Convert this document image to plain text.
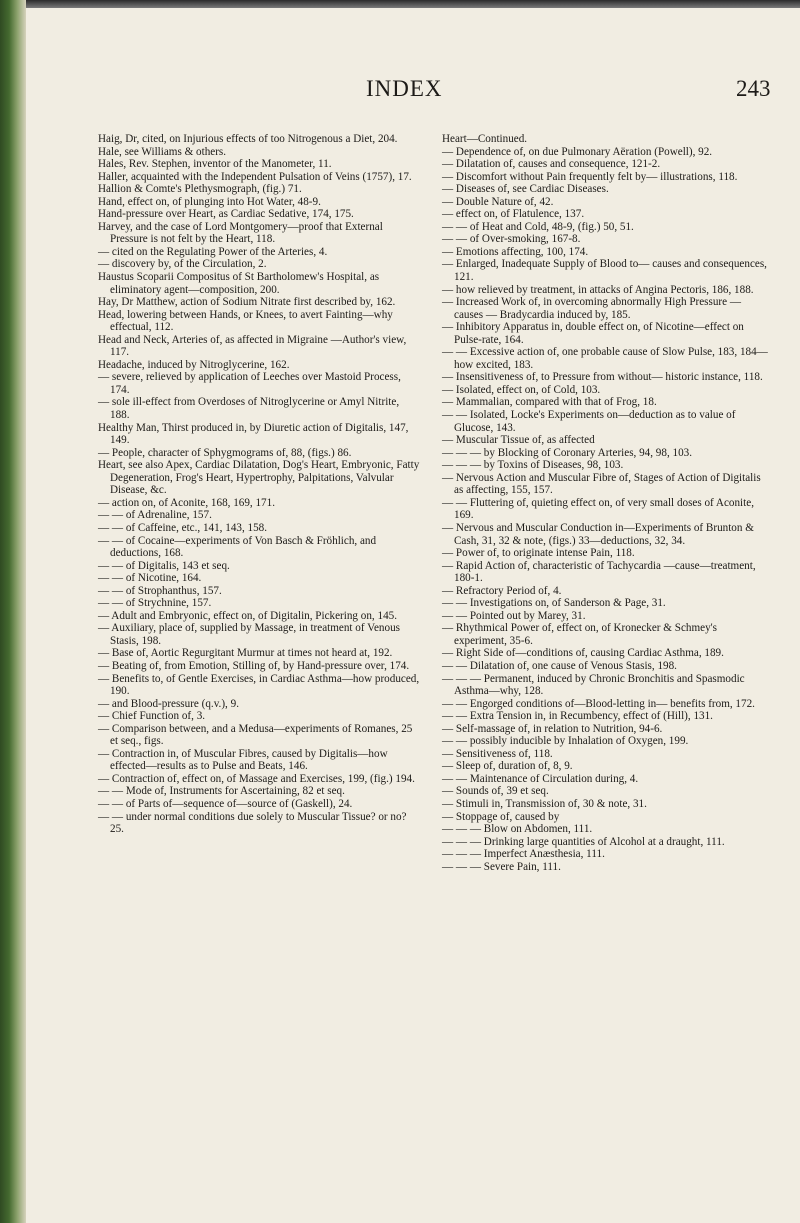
INDEX	243
Haig, Dr, cited, on Injurious effects of too Nitrogenous a Diet, 204.
Hale, see Williams & others.
Hales, Rev. Stephen, inventor of the Manometer, 11.
Haller, acquainted with the Independent Pulsation of Veins (1757), 17.
Hallion & Comte's Plethysmograph, (fig.) 71.
Hand, effect on, of plunging into Hot Water, 48-9.
Hand-pressure over Heart, as Cardiac Sedative, 174, 175.
Harvey, and the case of Lord Montgomery—proof that External Pressure is not felt by the Heart, 118.
— cited on the Regulating Power of the Arteries, 4.
— discovery by, of the Circulation, 2.
Haustus Scoparii Compositus of St Bartholomew's Hospital, as eliminatory agent—composition, 200.
Hay, Dr Matthew, action of Sodium Nitrate first described by, 162.
Head, lowering between Hands, or Knees, to avert Fainting—why effectual, 112.
Head and Neck, Arteries of, as affected in Migraine —Author's view, 117.
Headache, induced by Nitroglycerine, 162.
— severe, relieved by application of Leeches over Mastoid Process, 174.
— sole ill-effect from Overdoses of Nitroglycerine or Amyl Nitrite, 188.
Healthy Man, Thirst produced in, by Diuretic action of Digitalis, 147, 149.
— People, character of Sphygmograms of, 88, (figs.) 86.
Heart, see also Apex, Cardiac Dilatation, Dog's Heart, Embryonic, Fatty Degeneration, Frog's Heart, Hypertrophy, Palpitations, Valvular Disease, &c.
— action on, of Aconite, 168, 169, 171.
— — of Adrenaline, 157.
— — of Caffeine, etc., 141, 143, 158.
— — of Cocaine—experiments of Von Basch & Fröhlich, and deductions, 168.
— — of Digitalis, 143 et seq.
— — of Nicotine, 164.
— — of Strophanthus, 157.
— — of Strychnine, 157.
— Adult and Embryonic, effect on, of Digitalin, Pickering on, 145.
— Auxiliary, place of, supplied by Massage, in treatment of Venous Stasis, 198.
— Base of, Aortic Regurgitant Murmur at times not heard at, 192.
— Beating of, from Emotion, Stilling of, by Hand-pressure over, 174.
— Benefits to, of Gentle Exercises, in Cardiac Asthma—how produced, 190.
— and Blood-pressure (q.v.), 9.
— Chief Function of, 3.
— Comparison between, and a Medusa—experiments of Romanes, 25 et seq., figs.
— Contraction in, of Muscular Fibres, caused by Digitalis—how effected—results as to Pulse and Beats, 146.
— Contraction of, effect on, of Massage and Exercises, 199, (fig.) 194.
— — Mode of, Instruments for Ascertaining, 82 et seq.
— — of Parts of—sequence of—source of (Gaskell), 24.
— — under normal conditions due solely to Muscular Tissue? or no? 25.
Heart—Continued.
— Dependence of, on due Pulmonary Aëration (Powell), 92.
— Dilatation of, causes and consequence, 121-2.
— Discomfort without Pain frequently felt by— illustrations, 118.
— Diseases of, see Cardiac Diseases.
— Double Nature of, 42.
— effect on, of Flatulence, 137.
— — of Heat and Cold, 48-9, (fig.) 50, 51.
— — of Over-smoking, 167-8.
— Emotions affecting, 100, 174.
— Enlarged, Inadequate Supply of Blood to— causes and consequences, 121.
— how relieved by treatment, in attacks of Angina Pectoris, 186, 188.
— Increased Work of, in overcoming abnormally High Pressure — causes — Bradycardia induced by, 185.
— Inhibitory Apparatus in, double effect on, of Nicotine—effect on Pulse-rate, 164.
— — Excessive action of, one probable cause of Slow Pulse, 183, 184—how excited, 183.
— Insensitiveness of, to Pressure from without— historic instance, 118.
— Isolated, effect on, of Cold, 103.
— Mammalian, compared with that of Frog, 18.
— — Isolated, Locke's Experiments on—deduction as to value of Glucose, 143.
— Muscular Tissue of, as affected
— — — by Blocking of Coronary Arteries, 94, 98, 103.
— — — by Toxins of Diseases, 98, 103.
— Nervous Action and Muscular Fibre of, Stages of Action of Digitalis as affecting, 155, 157.
— — Fluttering of, quieting effect on, of very small doses of Aconite, 169.
— Nervous and Muscular Conduction in—Experiments of Brunton & Cash, 31, 32 & note, (figs.) 33—deductions, 32, 34.
— Power of, to originate intense Pain, 118.
— Rapid Action of, characteristic of Tachycardia —cause—treatment, 180-1.
— Refractory Period of, 4.
— — Investigations on, of Sanderson & Page, 31.
— — Pointed out by Marey, 31.
— Rhythmical Power of, effect on, of Kronecker & Schmey's experiment, 35-6.
— Right Side of—conditions of, causing Cardiac Asthma, 189.
— — Dilatation of, one cause of Venous Stasis, 198.
— — — Permanent, induced by Chronic Bronchitis and Spasmodic Asthma—why, 128.
— — Engorged conditions of—Blood-letting in— benefits from, 172.
— — Extra Tension in, in Recumbency, effect of (Hill), 131.
— Self-massage of, in relation to Nutrition, 94-6.
— — possibly inducible by Inhalation of Oxygen, 199.
— Sensitiveness of, 118.
— Sleep of, duration of, 8, 9.
— — Maintenance of Circulation during, 4.
— Sounds of, 39 et seq.
— Stimuli in, Transmission of, 30 & note, 31.
— Stoppage of, caused by
— — — Blow on Abdomen, 111.
— — — Drinking large quantities of Alcohol at a draught, 111.
— — — Imperfect Anæsthesia, 111.
— — — Severe Pain, 111.
